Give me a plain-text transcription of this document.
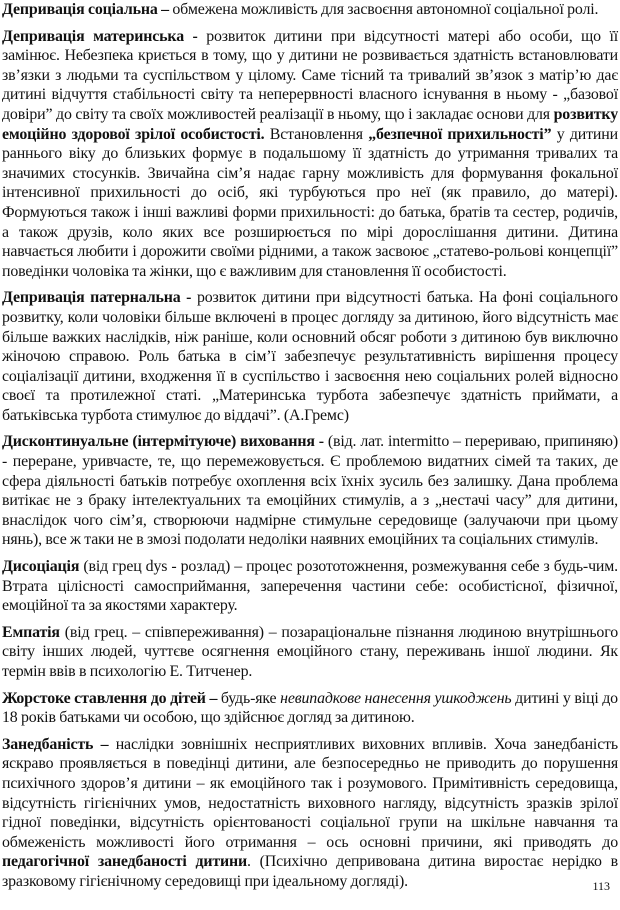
Депривація соціальна – обмежена можливість для засвоєння автономної соціальної ролі.

Депривація материнська - розвиток дитини при відсутності матері або особи, що її замінює. Небезпека криється в тому, що у дитини не розвивається здатність встановлювати зв’язки з людьми та суспільством у цілому. Саме тісний та тривалий зв’язок з матір’ю дає дитині відчуття стабільності світу та неперервності власного існування в ньому - „базової довіри” до світу та своїх можливостей реалізації в ньому, що і закладає основи для розвитку емоційно здорової зрілої особистості. Встановлення „безпечної прихильності” у дитини раннього віку до близьких формує в подальшому її здатність до утримання тривалих та значимих стосунків. Звичайна сім’я надає гарну можливість для формування фокальної інтенсивної прихильності до осіб, які турбуються про неї (як правило, до матері). Формуються також і інші важливі форми прихильності: до батька, братів та сестер, родичів, а також друзів, коло яких все розширюється по мірі дорослішання дитини. Дитина навчається любити і дорожити своїми рідними, а також засвоює „статево-рольові концепції” поведінки чоловіка та жінки, що є важливим для становлення її особистості.

Депривація патернальна - розвиток дитини при відсутності батька. На фоні соціального розвитку, коли чоловіки більше включені в процес догляду за дитиною, його відсутність має більше важких наслідків, ніж раніше, коли основний обсяг роботи з дитиною був виключно жіночою справою. Роль батька в сім’ї забезпечує результативність вирішення процесу соціалізації дитини, входження її в суспільство і засвоєння нею соціальних ролей відносно своєї та протилежної статі. „Материнська турбота забезпечує здатність приймати, а батьківська турбота стимулює до віддачі”. (А.Гремс)

Дисконтинуальне (інтермітуюче) виховання - (від. лат. intermitto – перериваю, припиняю) - переране, уривчасте, те, що перемежовується. Є проблемою видатних сімей та таких, де сфера діяльності батьків потребує охоплення всіх їхніх зусиль без залишку. Дана проблема витікає не з браку інтелектуальних та емоційних стимулів, а з „нестачі часу” для дитини, внаслідок чого сім’я, створюючи надмірне стимульне середовище (залучаючи при цьому нянь), все ж таки не в змозі подолати недоліки наявних емоційних та соціальних стимулів.

Дисоціація (від грец dys - розлад) – процес розототожнення, розмежування себе з будь-чим. Втрата цілісності самосприймання, заперечення частини себе: особистісної, фізичної, емоційної та за якостями характеру.

Емпатія (від грец. – співпереживання) – позараціональне пізнання людиною внутрішнього світу інших людей, чуттєве осягнення емоційного стану, переживань іншої людини. Як термін ввів в психологію Е. Титченер.

Жорстоке ставлення до дітей – будь-яке невипадкове нанесення ушкоджень дитині у віці до 18 років батьками чи особою, що здійснює догляд за дитиною.

Занедбаність – наслідки зовнішніх несприятливих виховних впливів. Хоча занедбаність яскраво проявляється в поведінці дитини, але безпосередньо не приводить до порушення психічного здоров’я дитини – як емоційного так і розумового. Примітивність середовища, відсутність гігієнічних умов, недостатність виховного нагляду, відсутність зразків зрілої гідної поведінки, відсутність орієнтованості соціальної групи на шкільне навчання та обмеженість можливості його отримання – ось основні причини, які приводять до педагогічної занедбаності дитини. (Психічно депривована дитина виростає нерідко в зразковому гігієнічному середовищі при ідеальному догляді).	113
